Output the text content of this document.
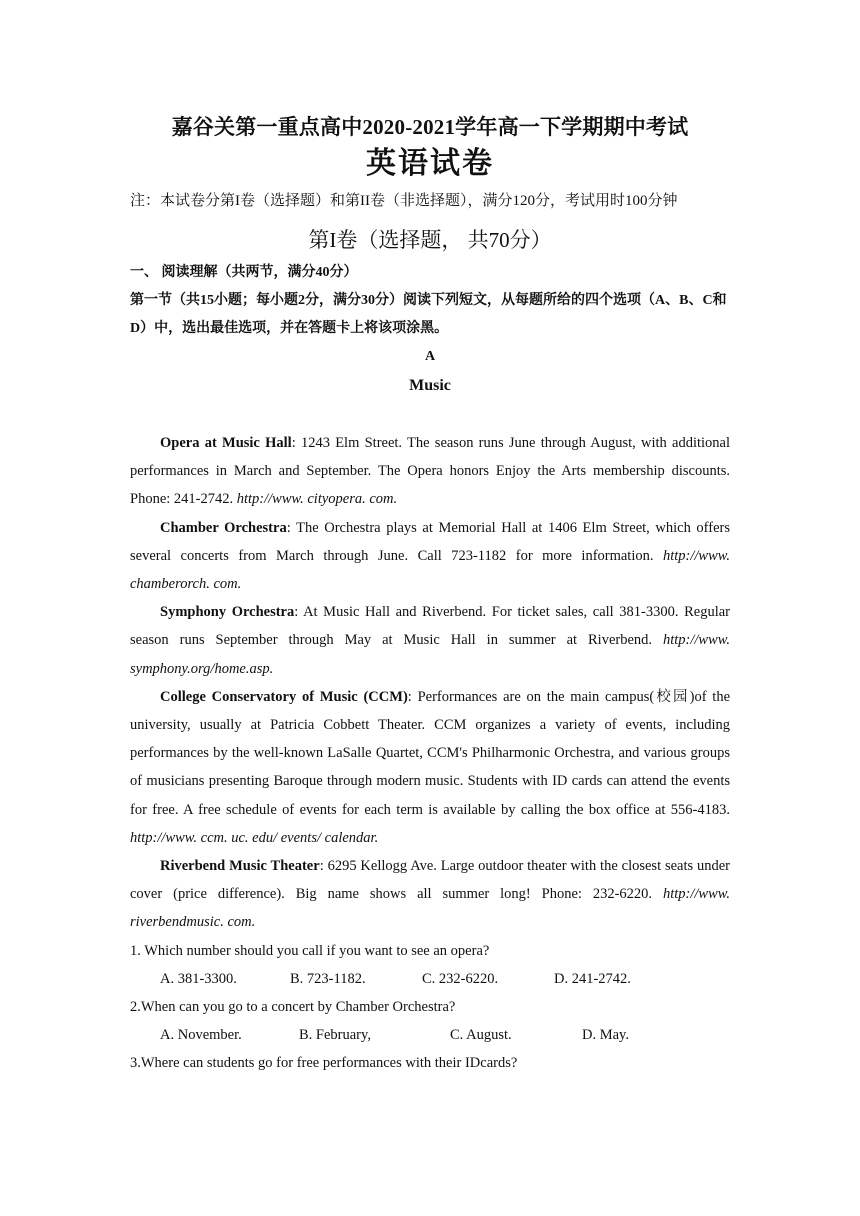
嘉谷关第一重点高中2020-2021学年高一下学期期中考试

英语试卷

注：本试卷分第I卷（选择题）和第II卷（非选择题），满分120分，考试用时100分钟

第I卷（选择题， 共70分）

一、 阅读理解（共两节，满分40分）

第一节（共15小题；每小题2分，满分30分）阅读下列短文，从每题所给的四个选项（A、B、C和D）中，选出最佳选项，并在答题卡上将该项涂黑。

A

Music

Opera at Music Hall: 1243 Elm Street. The season runs June through August, with additional performances in March and September. The Opera honors Enjoy the Arts membership discounts. Phone: 241-2742. http://www. cityopera. com.

Chamber Orchestra: The Orchestra plays at Memorial Hall at 1406 Elm Street, which offers several concerts from March through June. Call 723-1182 for more information. http://www. chamberorch. com.

Symphony Orchestra: At Music Hall and Riverbend. For ticket sales, call 381-3300. Regular season runs September through May at Music Hall in summer at Riverbend. http://www. symphony.org/home.asp.

College Conservatory of Music (CCM): Performances are on the main campus(校园)of the university, usually at Patricia Cobbett Theater. CCM organizes a variety of events, including performances by the well-known LaSalle Quartet, CCM's Philharmonic Orchestra, and various groups of musicians presenting Baroque through modern music. Students with ID cards can attend the events for free. A free schedule of events for each term is available by calling the box office at 556-4183. http://www. ccm. uc. edu/ events/ calendar.

Riverbend Music Theater: 6295 Kellogg Ave. Large outdoor theater with the closest seats under cover (price difference). Big name shows all summer long! Phone: 232-6220. http://www. riverbendmusic. com.

1. Which number should you call if you want to see an opera?

A. 381-3300.	B. 723-1182.	C. 232-6220.	D. 241-2742.

2.When can you go to a concert by Chamber Orchestra?

A. November.	B. February,	C. August.	D. May.

3.Where can students go for free performances with their IDcards?
